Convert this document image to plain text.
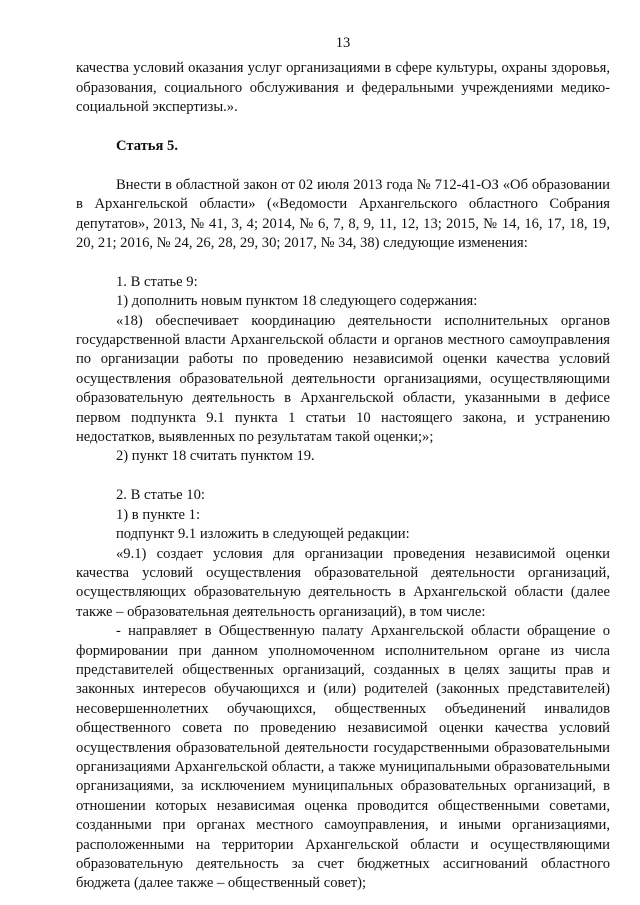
13

качества условий оказания услуг организациями в сфере культуры, охраны здоровья, образования, социального обслуживания и федеральными учреждениями медико-социальной экспертизы.».

Статья 5.

Внести в областной закон от 02 июля 2013 года № 712-41-ОЗ «Об образовании в Архангельской области» («Ведомости Архангельского областного Собрания депутатов», 2013, № 41, 3, 4; 2014, № 6, 7, 8, 9, 11, 12, 13; 2015, № 14, 16, 17, 18, 19, 20, 21; 2016, № 24, 26, 28, 29, 30; 2017, № 34, 38) следующие изменения:

1. В статье 9:

1) дополнить новым пунктом 18 следующего содержания:

«18) обеспечивает координацию деятельности исполнительных органов государственной власти Архангельской области и органов местного самоуправления по организации работы по проведению независимой оценки качества условий осуществления образовательной деятельности организациями, осуществляющими образовательную деятельность в Архангельской области, указанными в дефисе первом подпункта 9.1 пункта 1 статьи 10 настоящего закона, и устранению недостатков, выявленных по результатам такой оценки;»;

2) пункт 18 считать пунктом 19.

2. В статье 10:

1) в пункте 1:

подпункт 9.1 изложить в следующей редакции:

«9.1) создает условия для организации проведения независимой оценки качества условий осуществления образовательной деятельности организаций, осуществляющих образовательную деятельность в Архангельской области (далее также – образовательная деятельность организаций), в том числе:

- направляет в Общественную палату Архангельской области обращение о формировании при данном уполномоченном исполнительном органе из числа представителей общественных организаций, созданных в целях защиты прав и законных интересов обучающихся и (или) родителей (законных представителей) несовершеннолетних обучающихся, общественных объединений инвалидов общественного совета по проведению независимой оценки качества условий осуществления образовательной деятельности государственными образовательными организациями Архангельской области, а также муниципальными образовательными организациями, за исключением муниципальных образовательных организаций, в отношении которых независимая оценка проводится общественными советами, созданными при органах местного самоуправления, и иными организациями, расположенными на территории Архангельской области и осуществляющими образовательную деятельность за счет бюджетных ассигнований областного бюджета (далее также – общественный совет);
